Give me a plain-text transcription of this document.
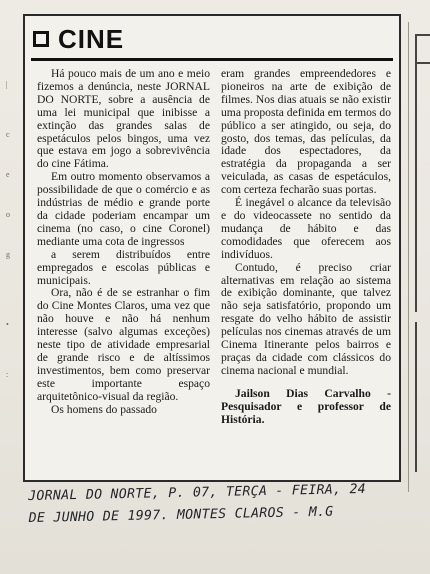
|
c
e
o
g
•
:
CINE

Há pouco mais de um ano e meio fizemos a denúncia, neste JORNAL DO NORTE, sobre a ausência de uma lei municipal que inibisse a extinção das grandes salas de espetáculos pelos bingos, uma vez que estava em jogo a sobrevivência do cine Fátima.

Em outro momento observamos a possibilidade de que o comércio e as indústrias de médio e grande porte da cidade poderiam encampar um cinema (no caso, o cine Coronel) mediante uma cota de ingressos

a serem distribuídos entre empregados e escolas públicas e municipais.

Ora, não é de se estranhar o fim do Cine Montes Claros, uma vez que não houve e não há nenhum interesse (salvo algumas exceções) neste tipo de atividade empresarial de grande risco e de altíssimos investimentos, bem como preservar este importante espaço arquitetônico-visual da região.

Os homens do passado

eram grandes empreendedores e pioneiros na arte de exibição de filmes. Nos dias atuais se não existir uma proposta definida em termos do público a ser atingido, ou seja, do gosto, dos temas, das películas, da idade dos espectadores, da estratégia da propaganda a ser veiculada, as casas de espetáculos, com certeza fecharão suas portas.

É inegável o alcance da televisão e do videocassete no sentido da mudança de hábito e das comodidades que oferecem aos indivíduos.

Contudo, é preciso criar alternativas em relação ao sistema de exibição dominante, que talvez não seja satisfatório, propondo um resgate do velho hábito de assistir películas nos cinemas através de um Cinema Itinerante pelos bairros e praças da cidade com clássicos do cinema nacional e mundial.

Jailson Dias Carvalho - Pesquisador e professor de História.

JORNAL DO NORTE, P. 07, TERÇA - FEIRA, 24
DE JUNHO DE 1997. MONTES CLAROS - M.G
